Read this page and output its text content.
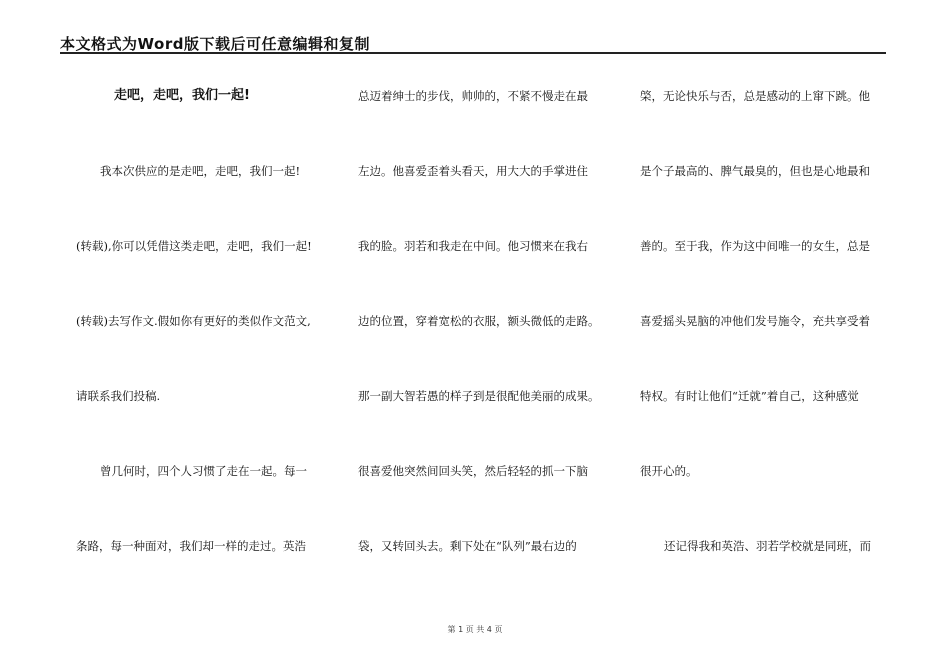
本文格式为Word版下载后可任意编辑和复制
走吧，走吧，我们一起!
我本次供应的是走吧，走吧，我们一起!
(转载),你可以凭借这类走吧，走吧，我们一起!
(转载)去写作文.假如你有更好的类似作文范文,
请联系我们投稿.
曾几何时，四个人习惯了走在一起。每一
条路，每一种面对，我们却一样的走过。英浩
总迈着绅士的步伐，帅帅的，不紧不慢走在最
左边。他喜爱歪着头看天，用大大的手掌进住
我的脸。羽若和我走在中间。他习惯来在我右
边的位置，穿着宽松的衣服，额头微低的走路。
那一副大智若愚的样子到是很配他美丽的成果。
很喜爱他突然间回头笑，然后轻轻的抓一下脑
袋，又转回头去。剩下处在“队列”最右边的
棨，无论快乐与否，总是感动的上窜下跳。他
是个子最高的、脾气最臭的，但也是心地最和
善的。至于我，作为这中间唯一的女生，总是
喜爱摇头晃脑的冲他们发号施令，充共享受着
特权。有时让他们“迁就”着自己，这种感觉
很开心的。
还记得我和英浩、羽若学校就是同班，而
第 1 页 共 4 页
